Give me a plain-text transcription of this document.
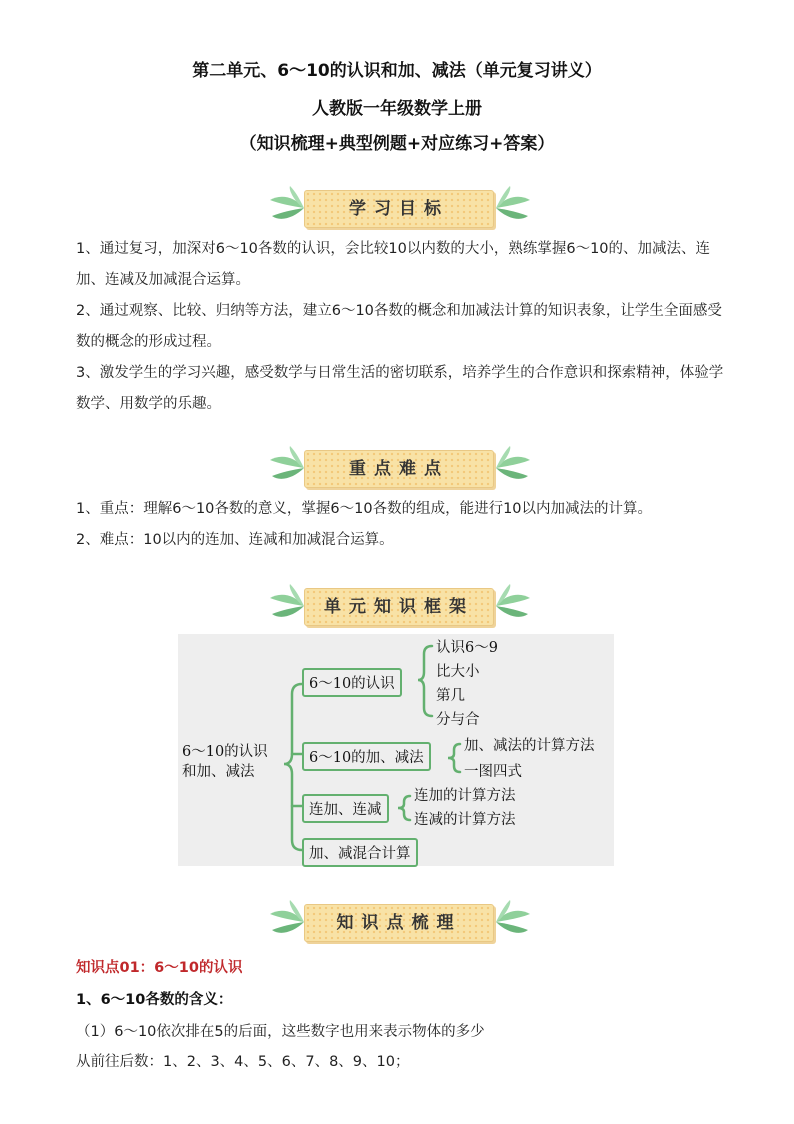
第二单元、6～10的认识和加、减法（单元复习讲义）
人教版一年级数学上册
（知识梳理+典型例题+对应练习+答案）
学习目标

1、通过复习，加深对6～10各数的认识，会比较10以内数的大小，熟练掌握6～10的、加减法、连加、连减及加减混合运算。

2、通过观察、比较、归纳等方法，建立6～10各数的概念和加减法计算的知识表象，让学生全面感受数的概念的形成过程。

3、激发学生的学习兴趣，感受数学与日常生活的密切联系，培养学生的合作意识和探索精神，体验学数学、用数学的乐趣。

重点难点

1、重点：理解6～10各数的意义，掌握6～10各数的组成，能进行10以内加减法的计算。

2、难点：10以内的连加、连减和加减混合运算。

单元知识框架
6～10的认识
和加、减法
6～10的认识
认识6～9
比大小
第几
分与合
6～10的加、减法
加、减法的计算方法
一图四式
连加、连减
连加的计算方法
连减的计算方法
加、减混合计算
知识点梳理
知识点01：6～10的认识
1、6～10各数的含义：
（1）6～10依次排在5的后面，这些数字也用来表示物体的多少
从前往后数：1、2、3、4、5、6、7、8、9、10；
